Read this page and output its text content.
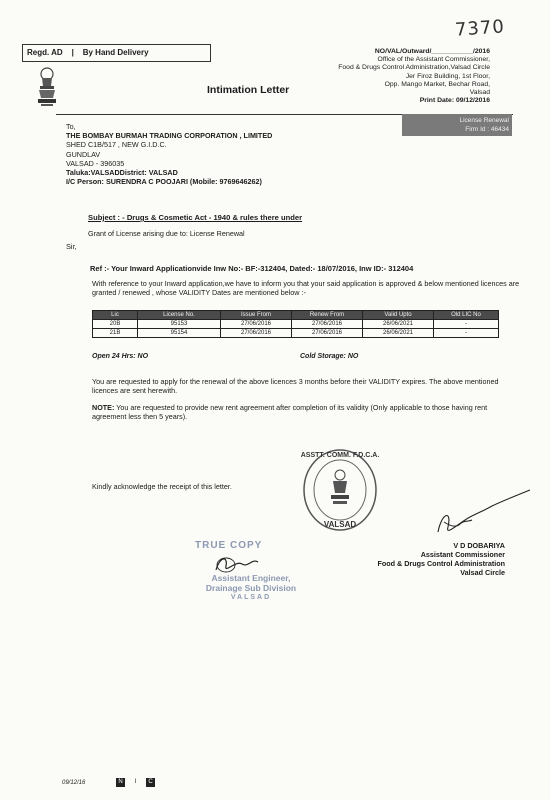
7370
Regd. AD | By Hand Delivery
Intimation Letter
NO/VAL/Outward/___________/2016
Office of the Assistant Commissioner,
Food & Drugs Control Administration,Valsad Circle
Jer Firoz Building, 1st Floor,
Opp. Mango Market, Bechar Road,
Valsad
Print Date: 09/12/2016
License Renewal
Firm Id : 46434
To,
THE BOMBAY BURMAH TRADING CORPORATION , LIMITED
SHED C1B/517 , NEW G.I.D.C.
GUNDLAV
VALSAD - 396035
Taluka:VALSADDistrict: VALSAD
I/C Person: SURENDRA C POOJARI (Mobile: 9769646262)
Subject : - Drugs & Cosmetic Act - 1940 & rules there under
Grant of License arising due to: License Renewal
Sir,
Ref :- Your Inward Applicationvide Inw No:- BF:-312404, Dated:- 18/07/2016, Inw ID:- 312404
With reference to your Inward application,we have to inform you that your said application is approved & below mentioned licences are granted / renewed , whose VALIDITY Dates are mentioned below :-
Lic	License No.	Issue From	Renew From	Valid Upto	Old LIC No
20B	95153	27/06/2016	27/06/2016	26/06/2021	-
21B	95154	27/06/2016	27/06/2016	26/06/2021	-
Open 24 Hrs: NO	Cold Storage: NO
You are requested to apply for the renewal of the above licences 3 months before their VALIDITY expires. The above mentioned licences are sent herewith.
NOTE: You are requested to provide new rent agreement after completion of its validity (Only applicable to those having rent agreement less then 5 years).
Kindly acknowledge the receipt of this letter.
ASSTT. COMM. F.D.C.A.
VALSAD
V D DOBARIYA
Assistant Commissioner
Food & Drugs Control Administration
Valsad Circle
TRUE COPY
Assistant Engineer,
Drainage Sub Division
VALSAD
09/12/16	N	I	C
